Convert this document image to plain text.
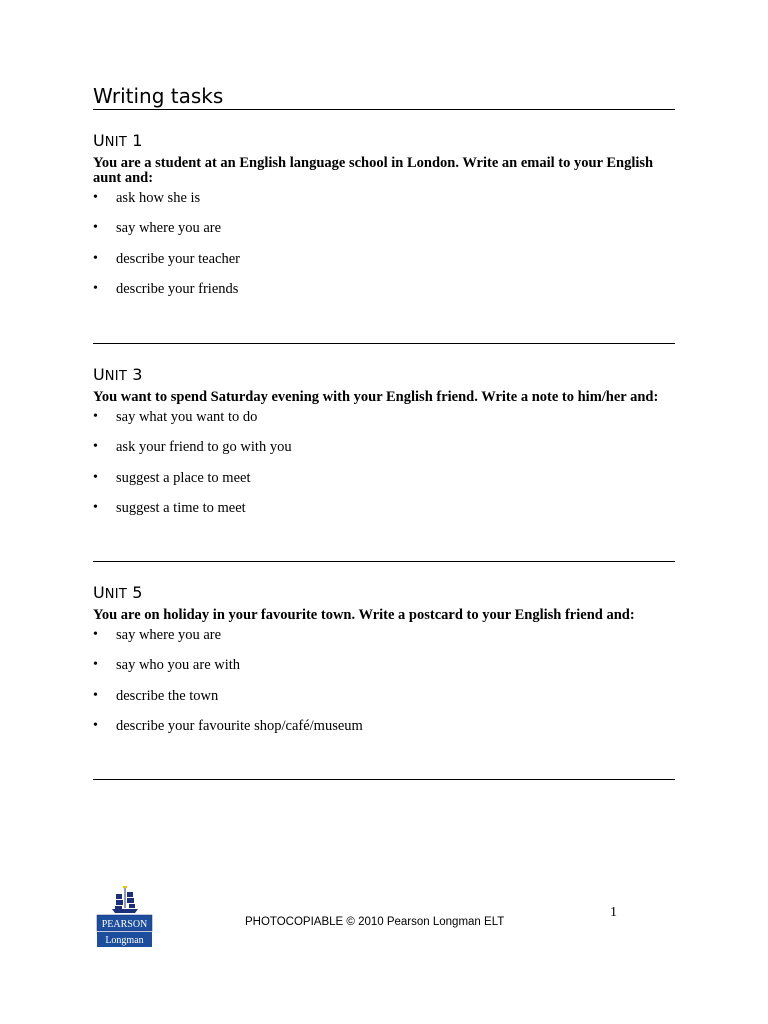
Writing tasks
UNIT 1
You are a student at an English language school in London. Write an email to your English aunt and:
• ask how she is
• say where you are
• describe your teacher
• describe your friends
UNIT 3
You want to spend Saturday evening with your English friend. Write a note to him/her and:
• say what you want to do
• ask your friend to go with you
• suggest a place to meet
• suggest a time to meet
UNIT 5
You are on holiday in your favourite town. Write a postcard to your English friend and:
• say where you are
• say who you are with
• describe the town
• describe your favourite shop/café/museum
PEARSON
Longman
PHOTOCOPIABLE © 2010 Pearson Longman ELT
1
